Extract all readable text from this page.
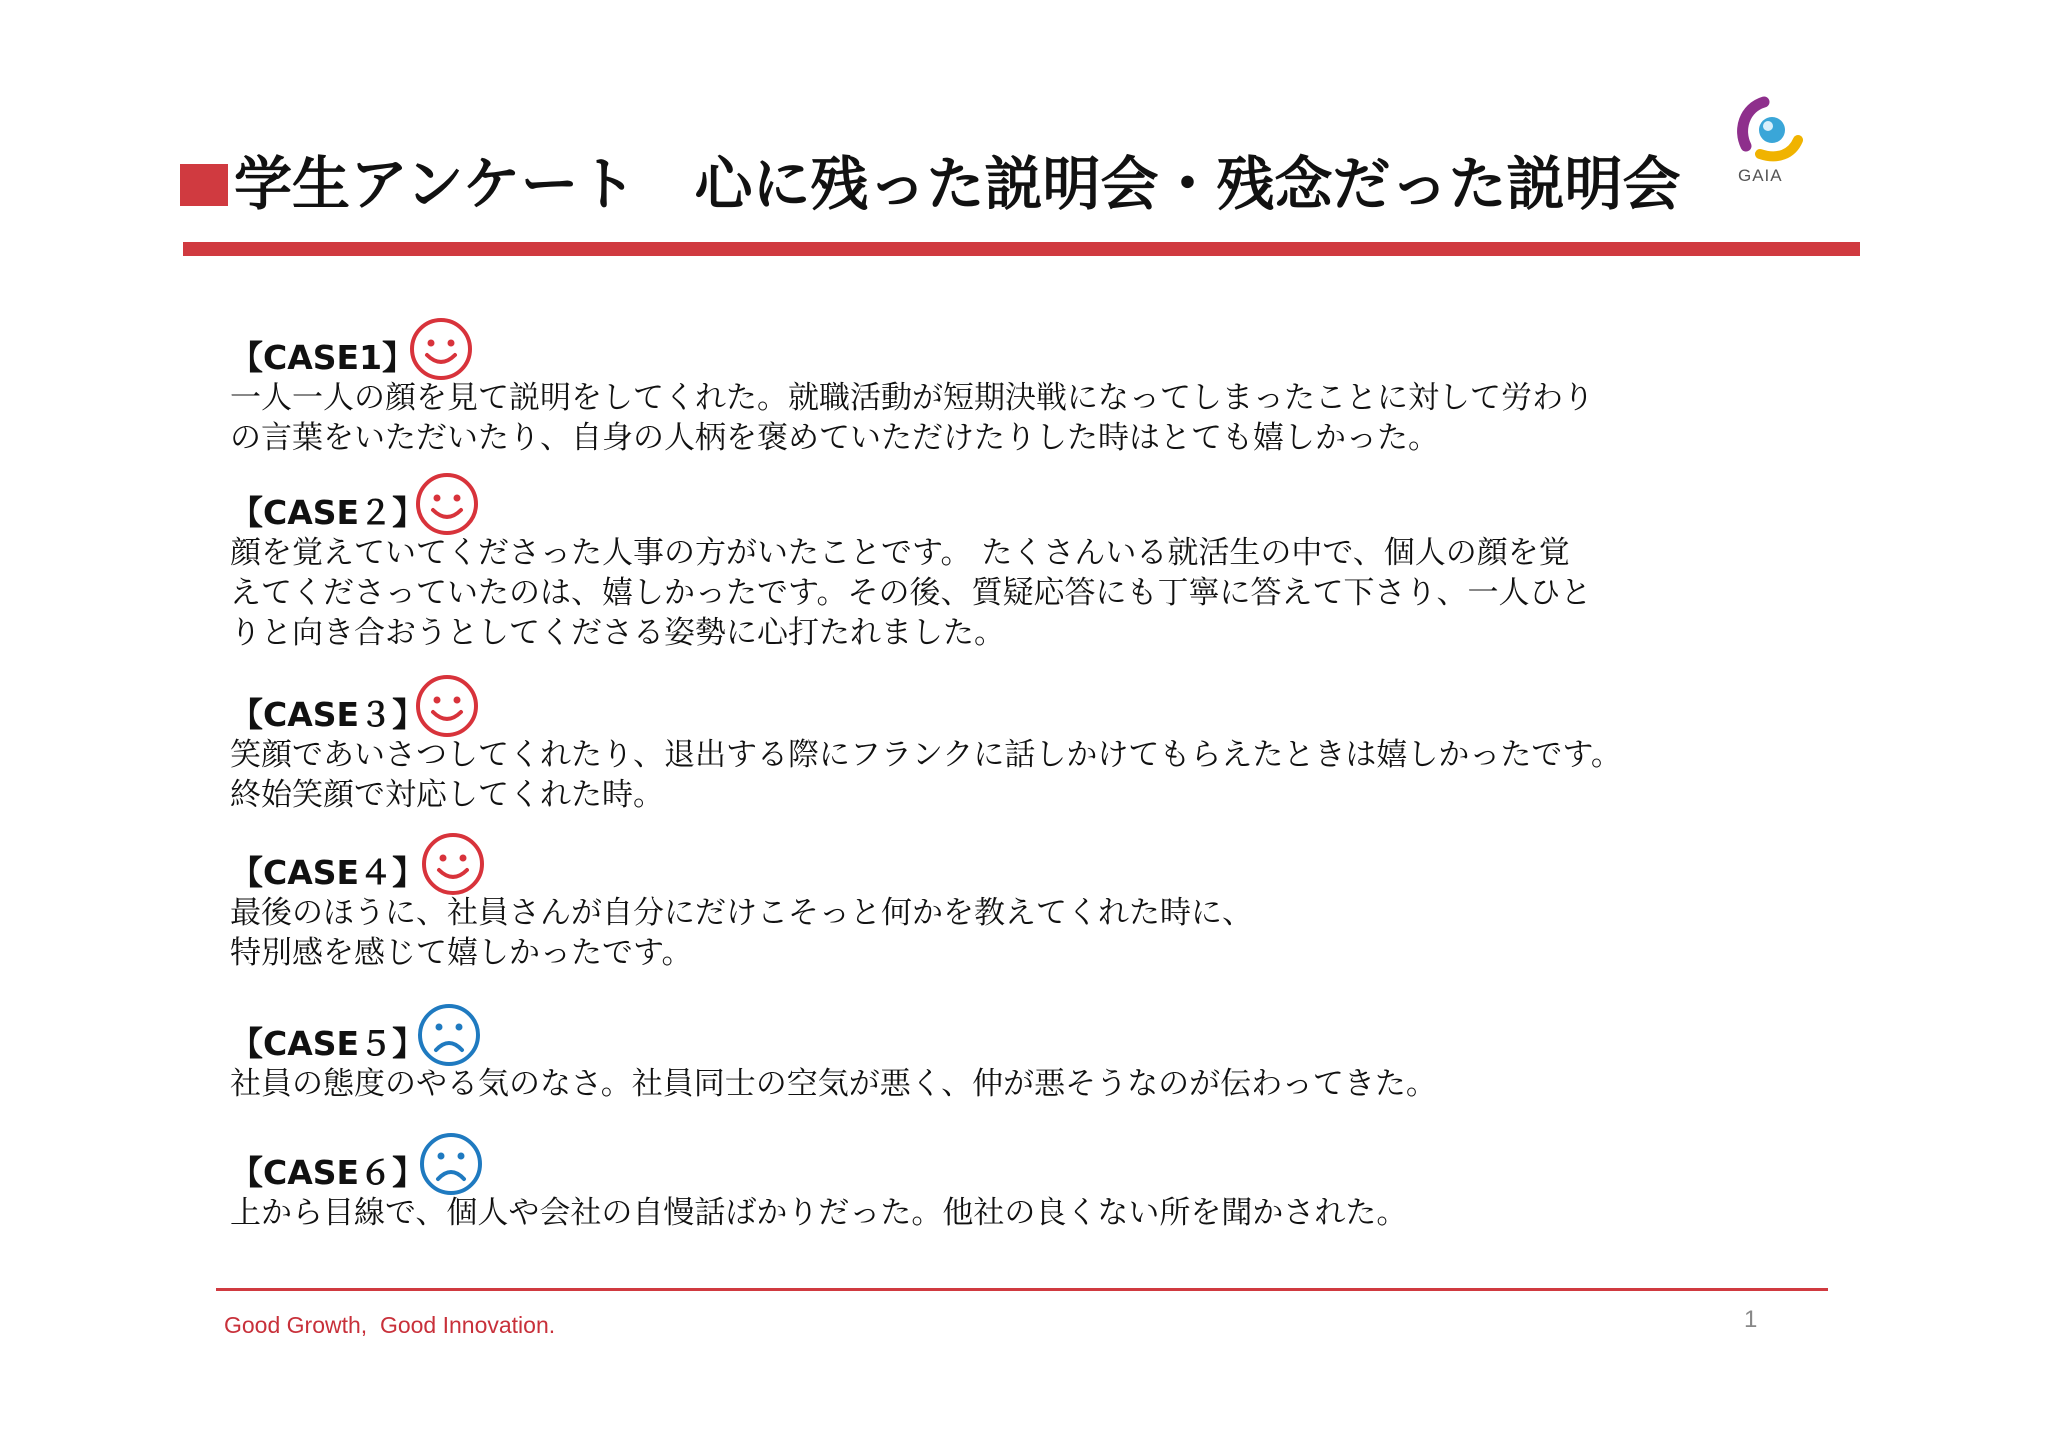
学生アンケート　心に残った説明会・残念だった説明会	GAIA
【CASE1】
一人一人の顔を見て説明をしてくれた。就職活動が短期決戦になってしまったことに対して労わり
の言葉をいただいたり、自身の人柄を褒めていただけたりした時はとても嬉しかった。
【CASE２】
顔を覚えていてくださった人事の方がいたことです。 たくさんいる就活生の中で、個人の顔を覚
えてくださっていたのは、嬉しかったです。その後、質疑応答にも丁寧に答えて下さり、一人ひと
りと向き合おうとしてくださる姿勢に心打たれました。
【CASE３】
笑顔であいさつしてくれたり、退出する際にフランクに話しかけてもらえたときは嬉しかったです。
終始笑顔で対応してくれた時。
【CASE４】
最後のほうに、社員さんが自分にだけこそっと何かを教えてくれた時に、
特別感を感じて嬉しかったです。
【CASE５】
社員の態度のやる気のなさ。社員同士の空気が悪く、仲が悪そうなのが伝わってきた。
【CASE６】
上から目線で、個人や会社の自慢話ばかりだった。他社の良くない所を聞かされた。
Good Growth,  Good Innovation.	1
